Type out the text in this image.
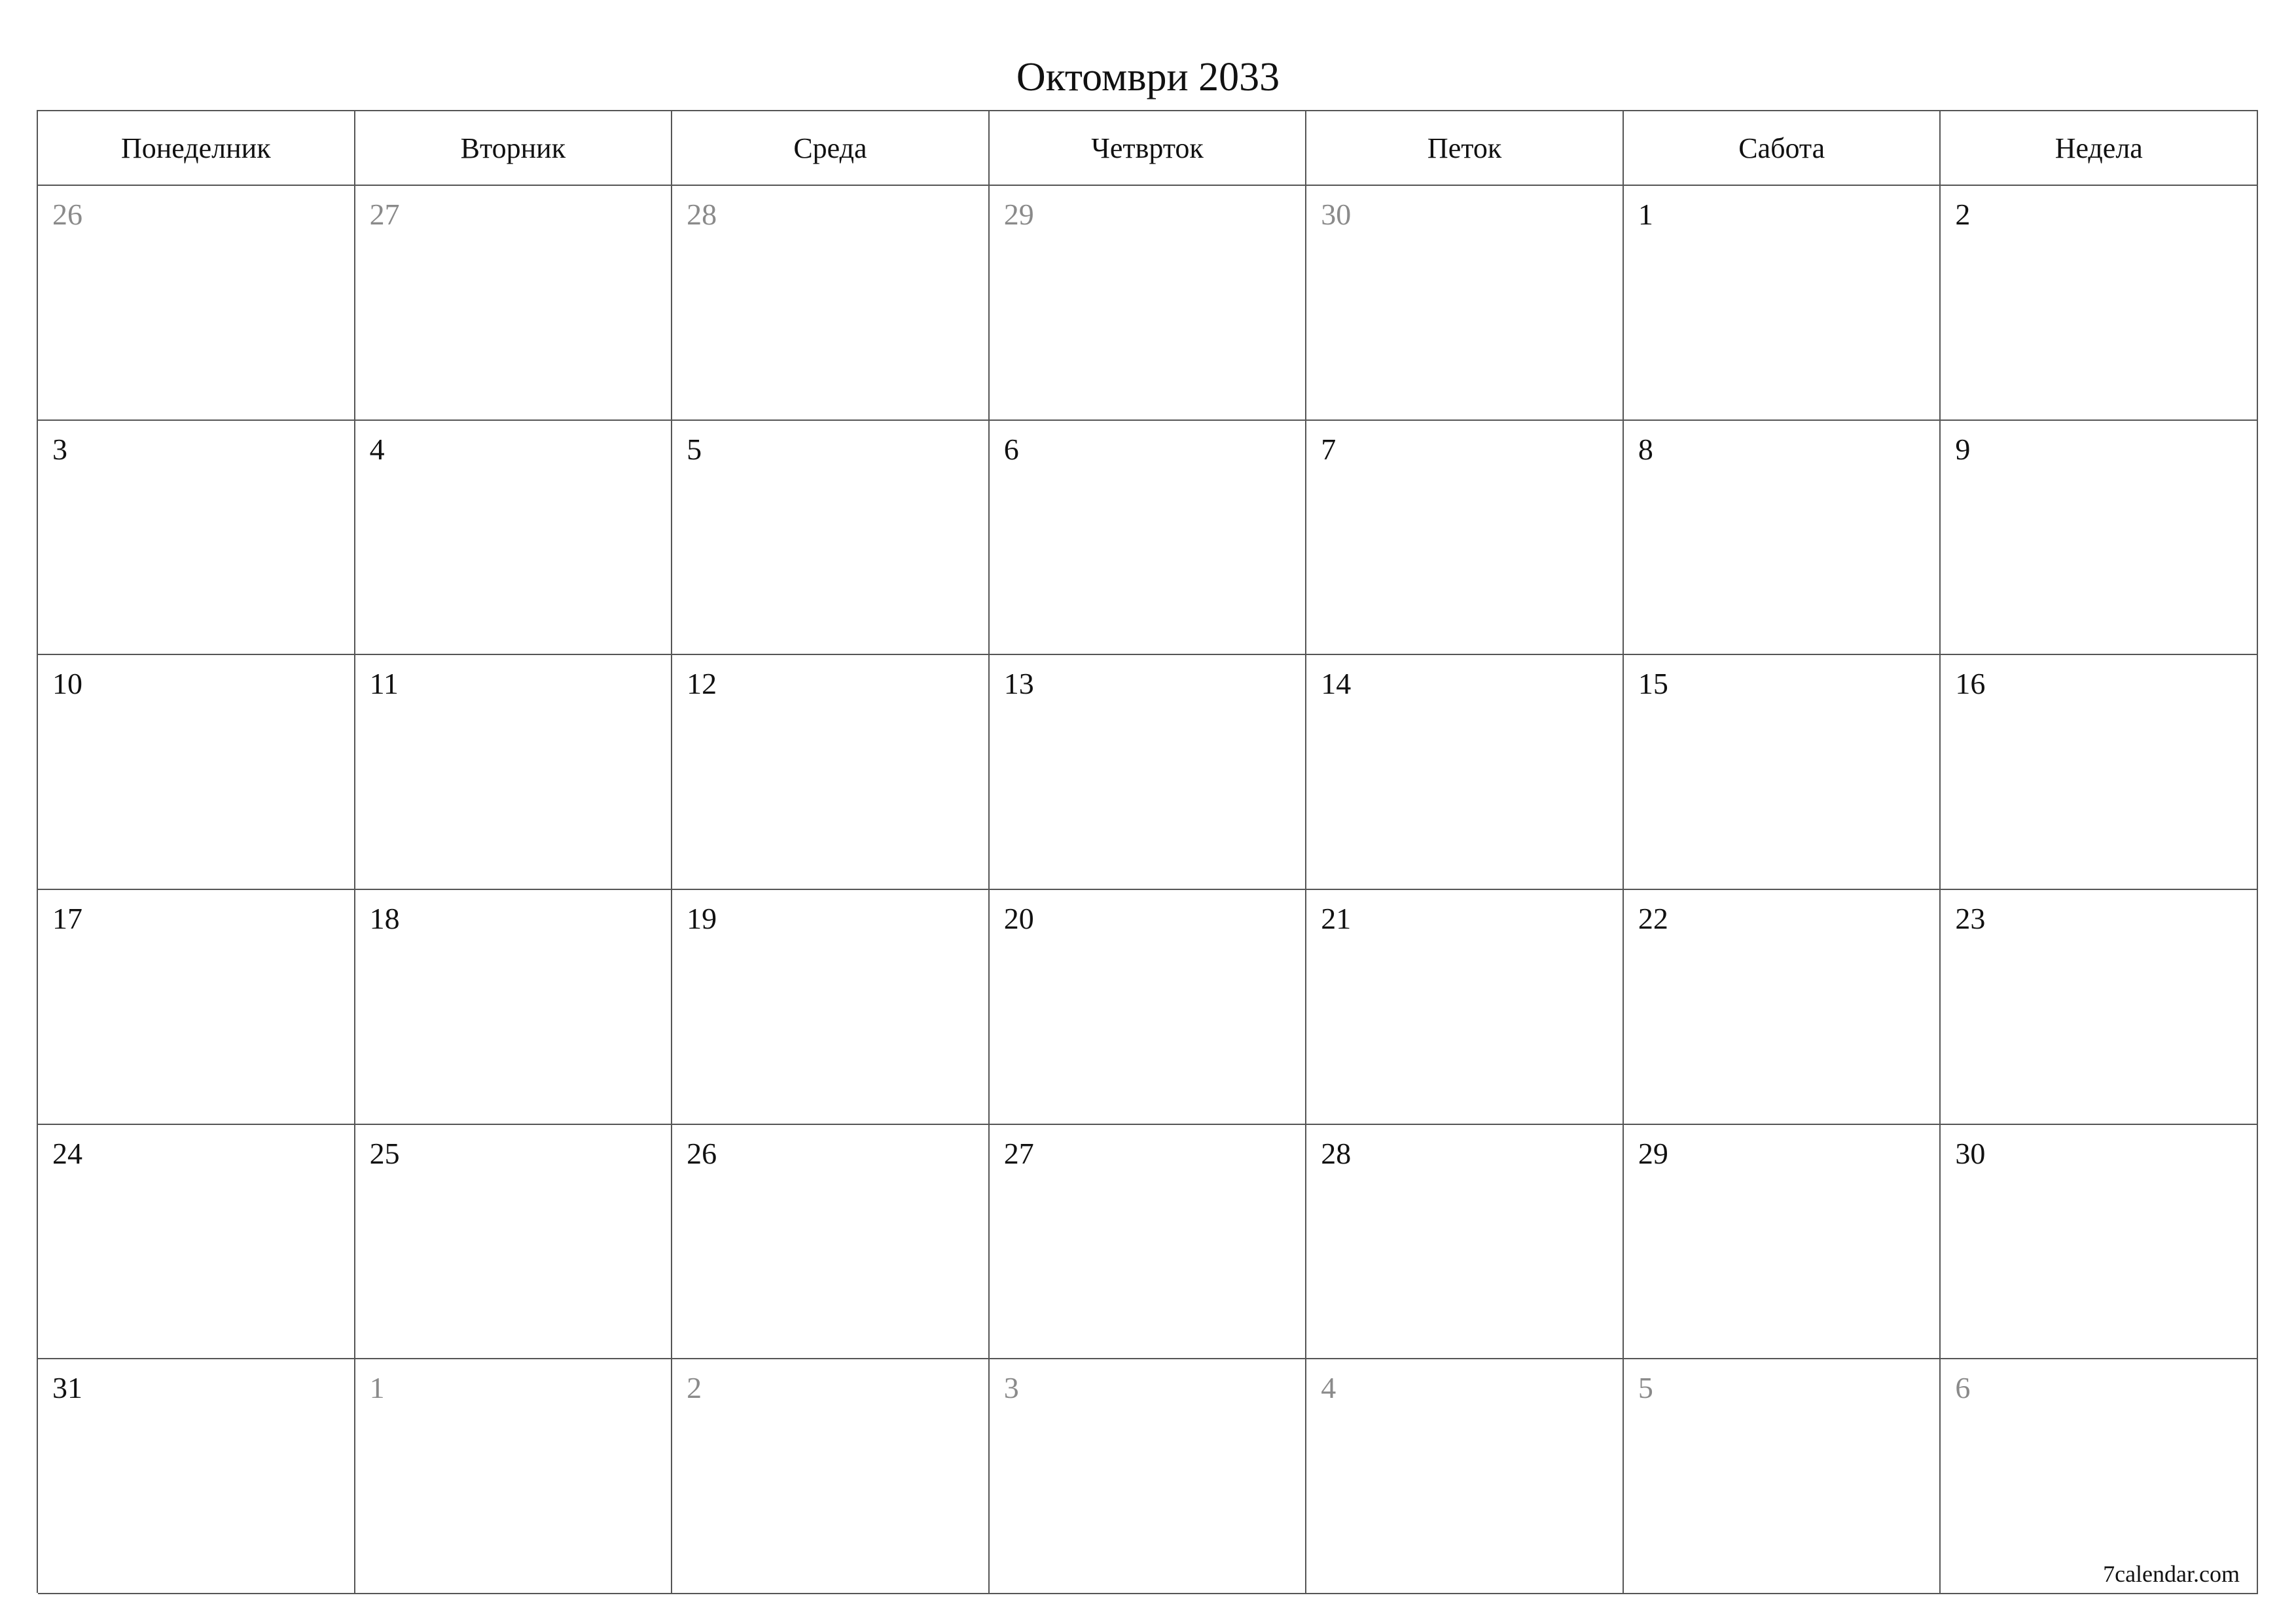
Октомври 2033
Понеделник	Вторник	Среда	Четврток	Петок	Сабота	Недела
26	27	28	29	30	1	2
3	4	5	6	7	8	9
10	11	12	13	14	15	16
17	18	19	20	21	22	23
24	25	26	27	28	29	30
31	1	2	3	4	5	6
7calendar.com
